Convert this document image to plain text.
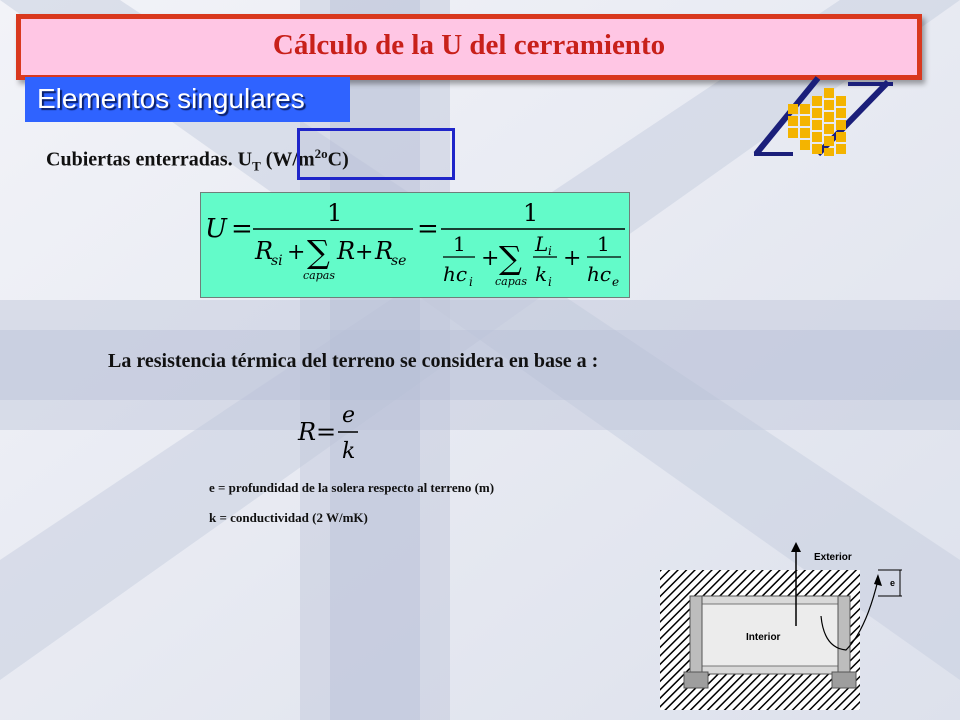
Cálculo de la U del cerramiento
Elementos singulares
Cubiertas enterradas. $U_T$ $(W/m^{2o}C)$
U =
1
R
si + ∑
capas
R + R
se
=
1
1
hc i
+ ∑
capas
L i
k i
+
1
hc e
La resistencia térmica del terreno se considera en base a :
R =
e
k
e = profundidad de la solera respecto al terreno (m)
k = conductividad (2 W/mK)
e
Exterior
Interior
